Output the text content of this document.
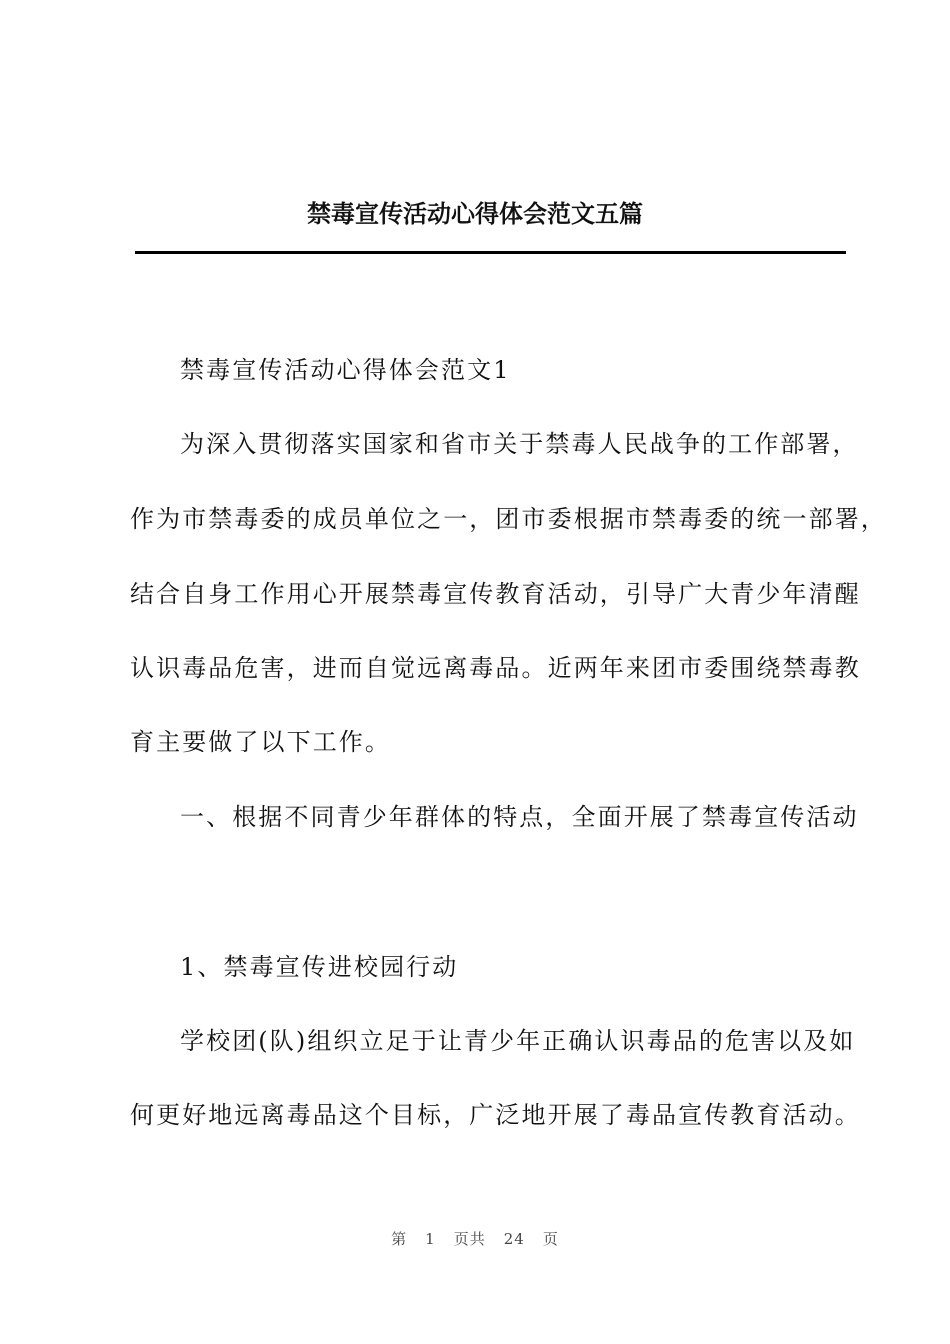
禁毒宣传活动心得体会范文五篇

禁毒宣传活动心得体会范文1

为深入贯彻落实国家和省市关于禁毒人民战争的工作部署，

作为市禁毒委的成员单位之一，团市委根据市禁毒委的统一部署，

结合自身工作用心开展禁毒宣传教育活动，引导广大青少年清醒

认识毒品危害，进而自觉远离毒品。近两年来团市委围绕禁毒教

育主要做了以下工作。

一、根据不同青少年群体的特点，全面开展了禁毒宣传活动

1、禁毒宣传进校园行动

学校团(队)组织立足于让青少年正确认识毒品的危害以及如

何更好地远离毒品这个目标，广泛地开展了毒品宣传教育活动。

第 1 页共 24 页
